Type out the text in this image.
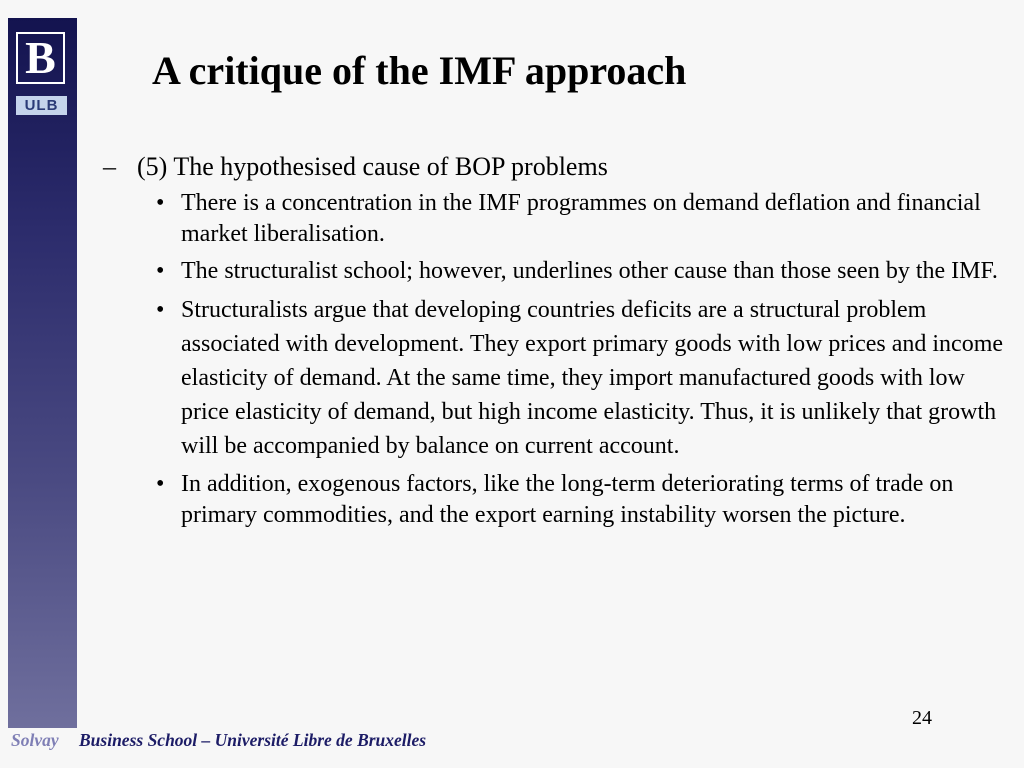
B
ULB
A critique of the IMF approach
– (5) The hypothesised cause of BOP problems
• There is a concentration in the IMF programmes on demand deflation and financial market liberalisation.
• The structuralist school; however, underlines other cause than those seen by the IMF.
• Structuralists argue that developing countries deficits are a structural problem associated with development. They export primary goods with low prices and income elasticity of demand. At the same time, they import manufactured goods with low price elasticity of demand, but high income elasticity. Thus, it is unlikely that growth will be accompanied by balance on current account.
• In addition, exogenous factors, like the long-term deteriorating terms of trade on primary commodities, and the export earning instability worsen the picture.
24
Solvay	Business School – Université Libre de Bruxelles
